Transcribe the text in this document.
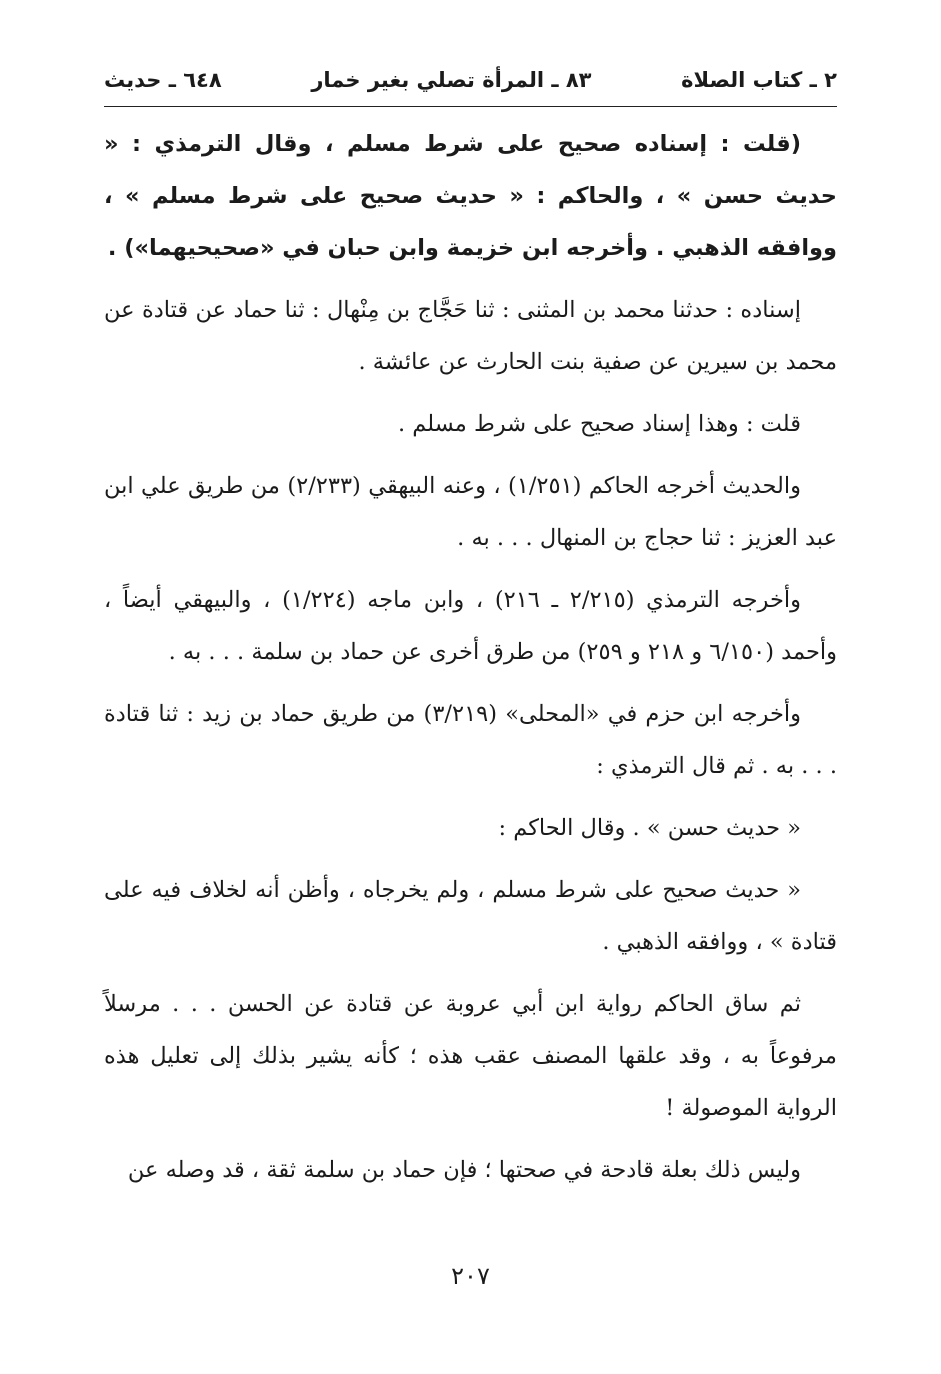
٢ ـ كتاب الصلاة
٨٣ ـ المرأة تصلي بغير خمار
٦٤٨ ـ حديث

(قلت : إسناده صحيح على شرط مسلم ، وقال الترمذي : « حديث حسن » ، والحاكم : « حديث صحيح على شرط مسلم » ، ووافقه الذهبي . وأخرجه ابن خزيمة وابن حبان في «صحيحيهما») .

إسناده : حدثنا محمد بن المثنى : ثنا حَجَّاج بن مِنْهال : ثنا حماد عن قتادة عن محمد بن سيرين عن صفية بنت الحارث عن عائشة .

قلت : وهذا إسناد صحيح على شرط مسلم .

والحديث أخرجه الحاكم (١/٢٥١) ، وعنه البيهقي (٢/٢٣٣) من طريق علي ابن عبد العزيز : ثنا حجاج بن المنهال . . . به .

وأخرجه الترمذي (٢/٢١٥ ـ ٢١٦) ، وابن ماجه (١/٢٢٤) ، والبيهقي أيضاً ، وأحمد (٦/١٥٠ و ٢١٨ و ٢٥٩) من طرق أخرى عن حماد بن سلمة . . . به .

وأخرجه ابن حزم في «المحلى» (٣/٢١٩) من طريق حماد بن زيد : ثنا قتادة . . . به . ثم قال الترمذي :

« حديث حسن » . وقال الحاكم :

« حديث صحيح على شرط مسلم ، ولم يخرجاه ، وأظن أنه لخلاف فيه على قتادة » ، ووافقه الذهبي .

ثم ساق الحاكم رواية ابن أبي عروبة عن قتادة عن الحسن . . . مرسلاً مرفوعاً به ، وقد علقها المصنف عقب هذه ؛ كأنه يشير بذلك إلى تعليل هذه الرواية الموصولة !

وليس ذلك بعلة قادحة في صحتها ؛ فإن حماد بن سلمة ثقة ، قد وصله عن

٢٠٧
